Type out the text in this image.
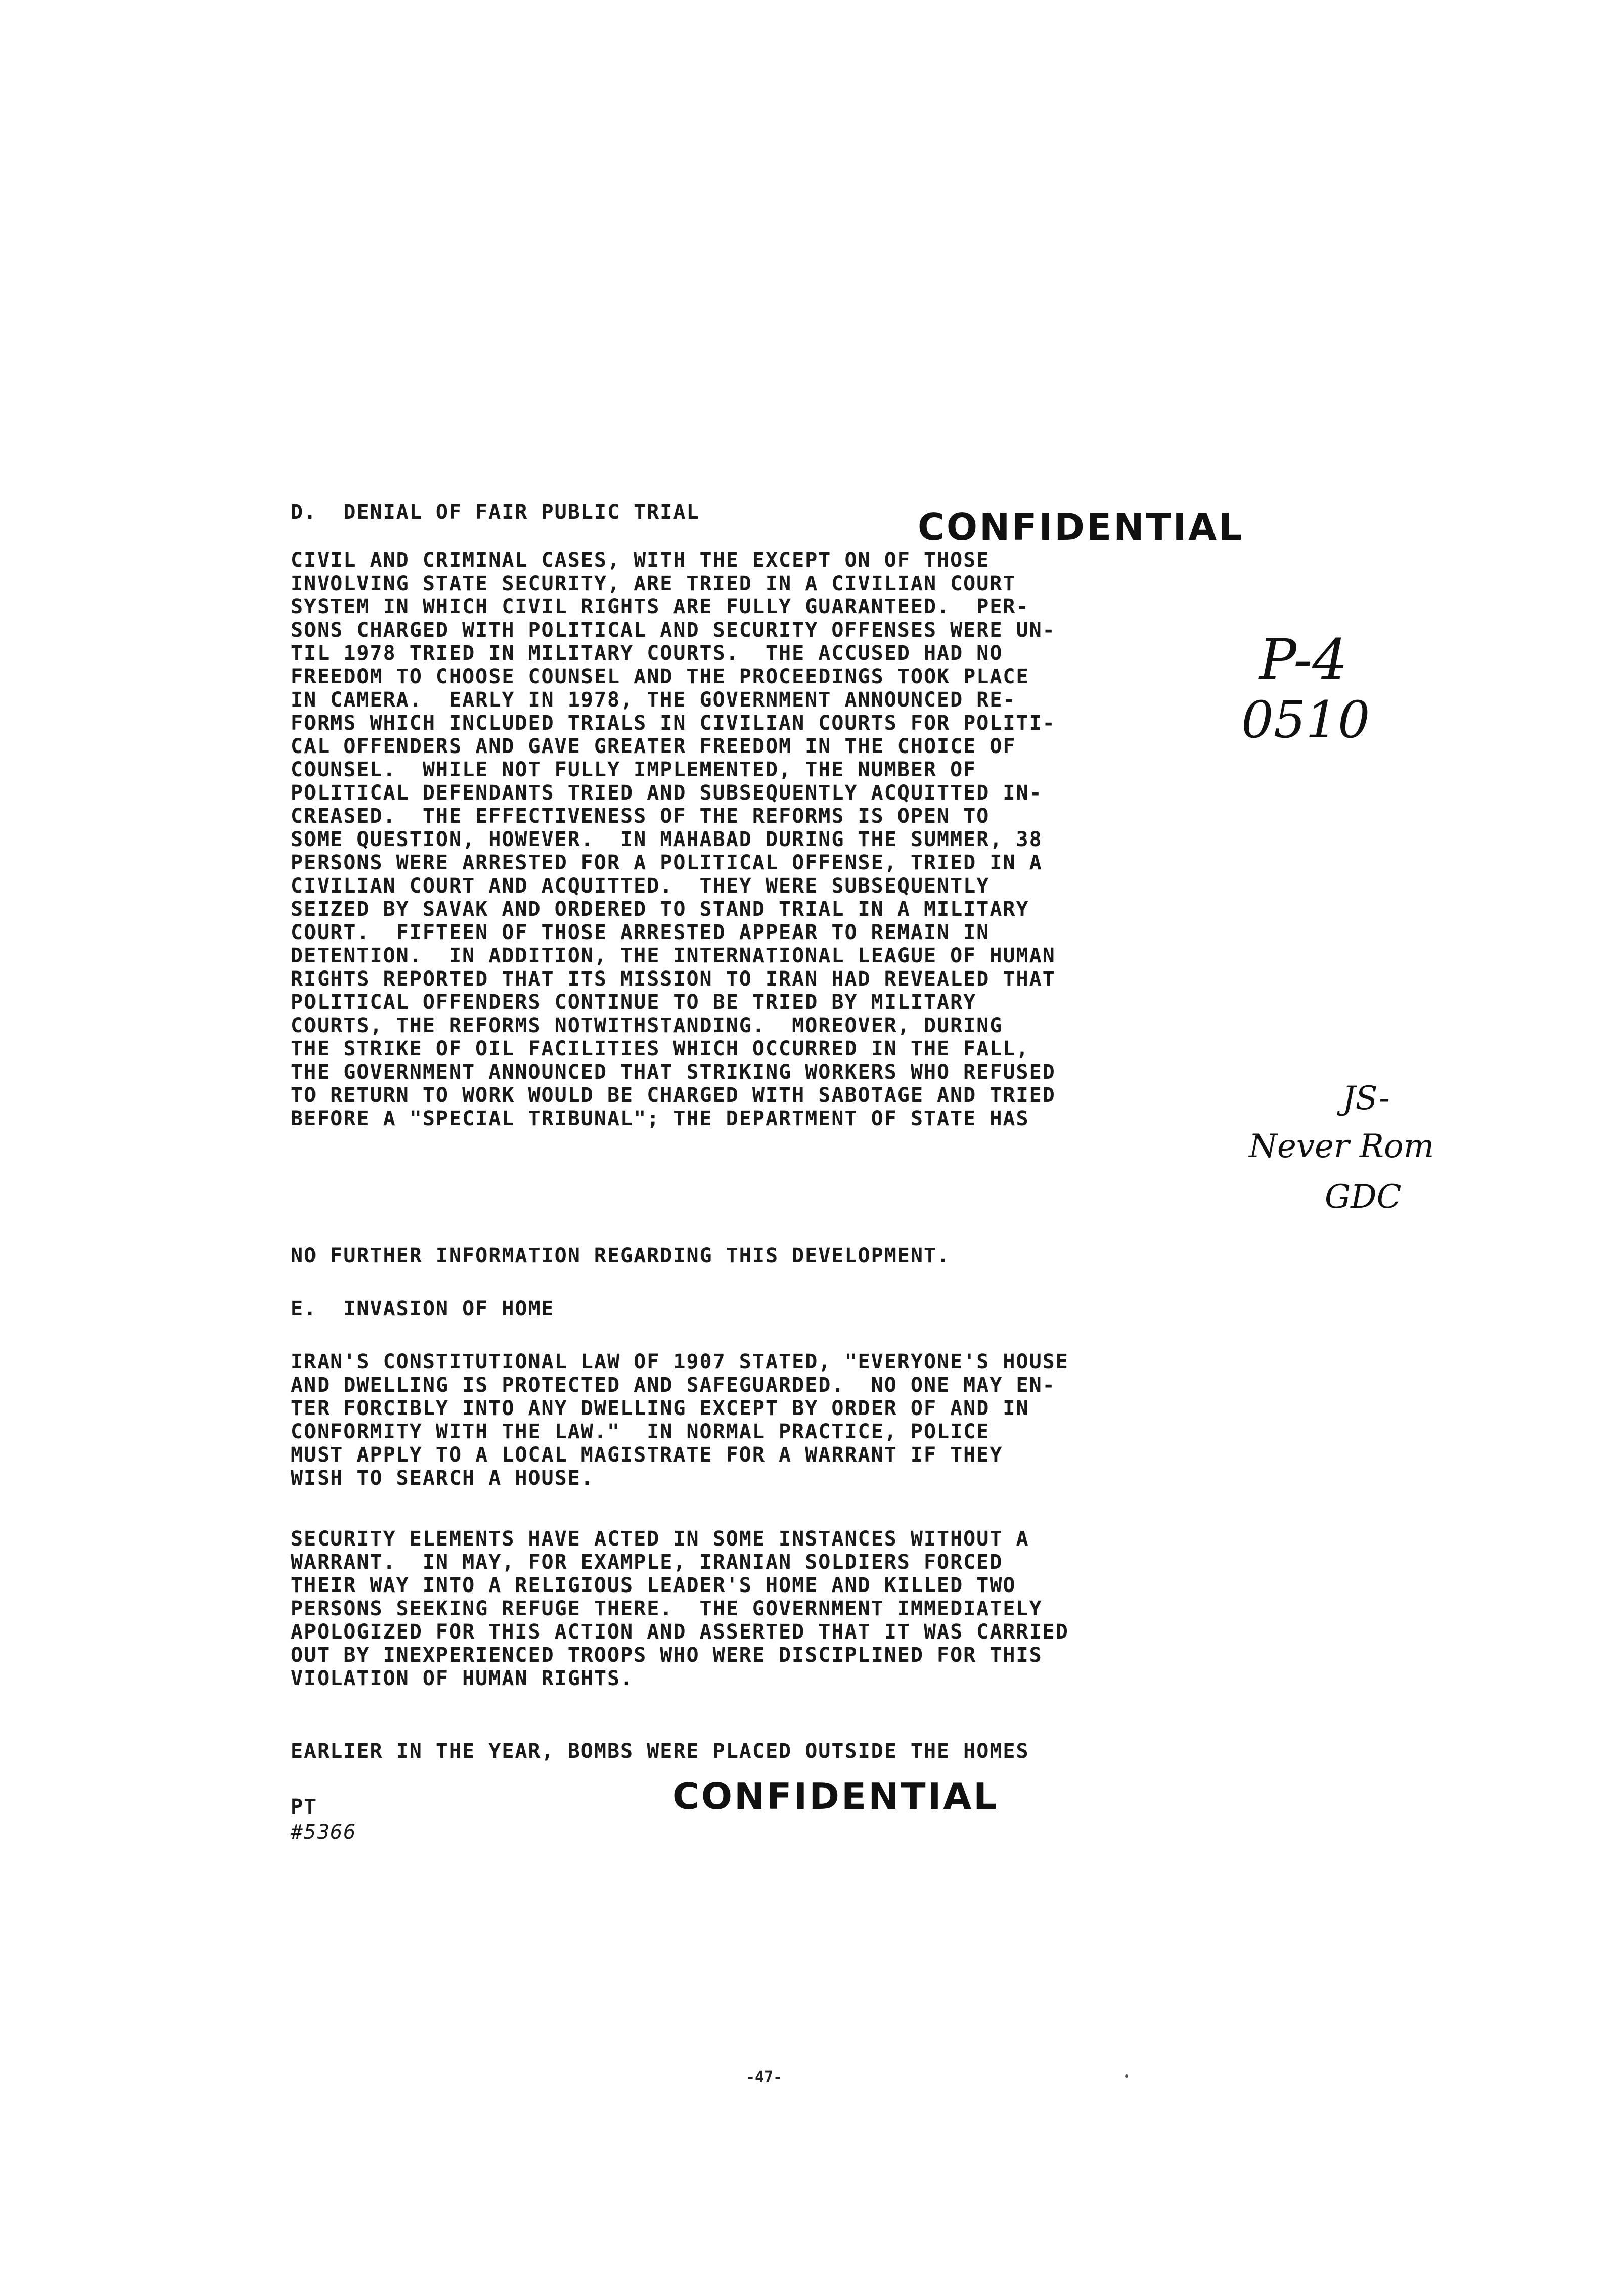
D.  DENIAL OF FAIR PUBLIC TRIAL	CONFIDENTIAL
CIVIL AND CRIMINAL CASES, WITH THE EXCEPT ON OF THOSE
INVOLVING STATE SECURITY, ARE TRIED IN A CIVILIAN COURT
SYSTEM IN WHICH CIVIL RIGHTS ARE FULLY GUARANTEED.  PER-
SONS CHARGED WITH POLITICAL AND SECURITY OFFENSES WERE UN-
TIL 1978 TRIED IN MILITARY COURTS.  THE ACCUSED HAD NO
FREEDOM TO CHOOSE COUNSEL AND THE PROCEEDINGS TOOK PLACE
IN CAMERA.  EARLY IN 1978, THE GOVERNMENT ANNOUNCED RE-
FORMS WHICH INCLUDED TRIALS IN CIVILIAN COURTS FOR POLITI-
CAL OFFENDERS AND GAVE GREATER FREEDOM IN THE CHOICE OF
COUNSEL.  WHILE NOT FULLY IMPLEMENTED, THE NUMBER OF
POLITICAL DEFENDANTS TRIED AND SUBSEQUENTLY ACQUITTED IN-
CREASED.  THE EFFECTIVENESS OF THE REFORMS IS OPEN TO
SOME QUESTION, HOWEVER.  IN MAHABAD DURING THE SUMMER, 38
PERSONS WERE ARRESTED FOR A POLITICAL OFFENSE, TRIED IN A
CIVILIAN COURT AND ACQUITTED.  THEY WERE SUBSEQUENTLY
SEIZED BY SAVAK AND ORDERED TO STAND TRIAL IN A MILITARY
COURT.  FIFTEEN OF THOSE ARRESTED APPEAR TO REMAIN IN
DETENTION.  IN ADDITION, THE INTERNATIONAL LEAGUE OF HUMAN
RIGHTS REPORTED THAT ITS MISSION TO IRAN HAD REVEALED THAT
POLITICAL OFFENDERS CONTINUE TO BE TRIED BY MILITARY
COURTS, THE REFORMS NOTWITHSTANDING.  MOREOVER, DURING
THE STRIKE OF OIL FACILITIES WHICH OCCURRED IN THE FALL,
THE GOVERNMENT ANNOUNCED THAT STRIKING WORKERS WHO REFUSED
TO RETURN TO WORK WOULD BE CHARGED WITH SABOTAGE AND TRIED
BEFORE A "SPECIAL TRIBUNAL"; THE DEPARTMENT OF STATE HAS
NO FURTHER INFORMATION REGARDING THIS DEVELOPMENT.
E.  INVASION OF HOME
IRAN'S CONSTITUTIONAL LAW OF 1907 STATED, "EVERYONE'S HOUSE
AND DWELLING IS PROTECTED AND SAFEGUARDED.  NO ONE MAY EN-
TER FORCIBLY INTO ANY DWELLING EXCEPT BY ORDER OF AND IN
CONFORMITY WITH THE LAW."  IN NORMAL PRACTICE, POLICE
MUST APPLY TO A LOCAL MAGISTRATE FOR A WARRANT IF THEY
WISH TO SEARCH A HOUSE.
SECURITY ELEMENTS HAVE ACTED IN SOME INSTANCES WITHOUT A
WARRANT.  IN MAY, FOR EXAMPLE, IRANIAN SOLDIERS FORCED
THEIR WAY INTO A RELIGIOUS LEADER'S HOME AND KILLED TWO
PERSONS SEEKING REFUGE THERE.  THE GOVERNMENT IMMEDIATELY
APOLOGIZED FOR THIS ACTION AND ASSERTED THAT IT WAS CARRIED
OUT BY INEXPERIENCED TROOPS WHO WERE DISCIPLINED FOR THIS
VIOLATION OF HUMAN RIGHTS.
EARLIER IN THE YEAR, BOMBS WERE PLACED OUTSIDE THE HOMES
CONFIDENTIAL
PT
#5366
P-4
0510
JS-
Never Rom
GDC
-47-
